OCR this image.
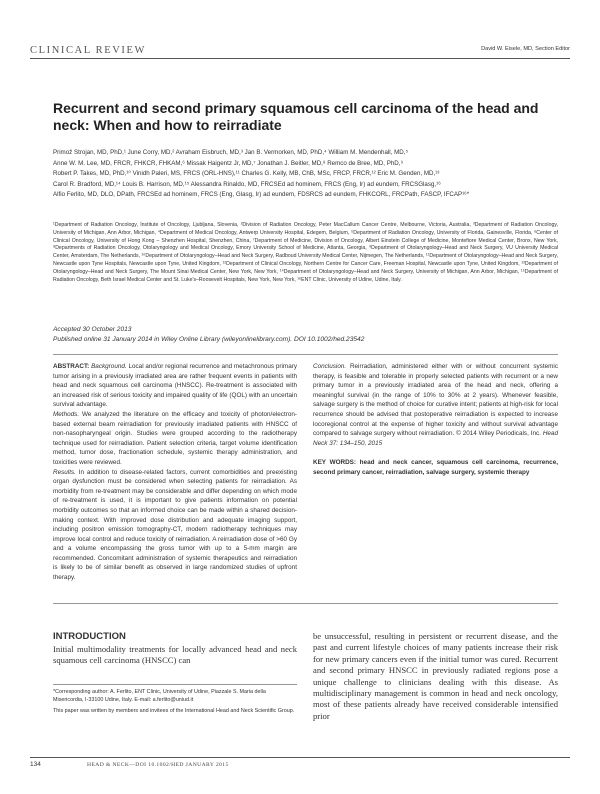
CLINICAL REVIEW	David W. Eisele, MD, Section Editor
Recurrent and second primary squamous cell carcinoma of the head and neck: When and how to reirradiate
Primož Strojan, MD, PhD,¹ June Corry, MD,² Avraham Eisbruch, MD,³ Jan B. Vermorken, MD, PhD,⁴ William M. Mendenhall, MD,⁵
Anne W. M. Lee, MD, FRCR, FHKCR, FHKAM,⁶ Missak Haigentz Jr, MD,⁷ Jonathan J. Beitler, MD,⁸ Remco de Bree, MD, PhD,⁹
Robert P. Takes, MD, PhD,¹⁰ Vinidh Paleri, MS, FRCS (ORL-HNS),¹¹ Charles G. Kelly, MB, ChB, MSc, FRCP, FRCR,¹² Eric M. Genden, MD,¹³
Carol R. Bradford, MD,¹⁴ Louis B. Harrison, MD,¹⁵ Alessandra Rinaldo, MD, FRCSEd ad hominem, FRCS (Eng, Ir) ad eundem, FRCSGlasg,¹⁶
Alfio Ferlito, MD, DLO, DPath, FRCSEd ad hominem, FRCS (Eng, Glasg, Ir) ad eundem, FDSRCS ad eundem, FHKCORL, FRCPath, FASCP, IFCAP¹⁶*
¹Department of Radiation Oncology, Institute of Oncology, Ljubljana, Slovenia, ²Division of Radiation Oncology, Peter MacCallum Cancer Centre, Melbourne, Victoria, Australia, ³Department of Radiation Oncology, University of Michigan, Ann Arbor, Michigan, ⁴Department of Medical Oncology, Antwerp University Hospital, Edegem, Belgium, ⁵Department of Radiation Oncology, University of Florida, Gainesville, Florida, ⁶Center of Clinical Oncology, University of Hong Kong – Shenzhen Hospital, Shenzhen, China, ⁷Department of Medicine, Division of Oncology, Albert Einstein College of Medicine, Montefiore Medical Center, Bronx, New York, ⁸Departments of Radiation Oncology, Otolaryngology and Medical Oncology, Emory University School of Medicine, Atlanta, Georgia, ⁹Department of Otolaryngology–Head and Neck Surgery, VU University Medical Center, Amsterdam, The Netherlands, ¹⁰Department of Otolaryngology–Head and Neck Surgery, Radboud University Medical Center, Nijmegen, The Netherlands, ¹¹Department of Otolaryngology–Head and Neck Surgery, Newcastle upon Tyne Hospitals, Newcastle upon Tyne, United Kingdom, ¹²Department of Clinical Oncology, Northern Centre for Cancer Care, Freeman Hospital, Newcastle upon Tyne, United Kingdom, ¹³Department of Otolaryngology–Head and Neck Surgery, The Mount Sinai Medical Center, New York, New York, ¹⁴Department of Otolaryngology–Head and Neck Surgery, University of Michigan, Ann Arbor, Michigan, ¹⁵Department of Radiation Oncology, Beth Israel Medical Center and St. Luke's–Roosevelt Hospitals, New York, New York, ¹⁶ENT Clinic, University of Udine, Udine, Italy.
Accepted 30 October 2013
Published online 31 January 2014 in Wiley Online Library (wileyonlinelibrary.com). DOI 10.1002/hed.23542

ABSTRACT: Background. Local and/or regional recurrence and metachronous primary tumor arising in a previously irradiated area are rather frequent events in patients with head and neck squamous cell carcinoma (HNSCC). Re-treatment is associated with an increased risk of serious toxicity and impaired quality of life (QOL) with an uncertain survival advantage.

Methods. We analyzed the literature on the efficacy and toxicity of photon/electron-based external beam reirradiation for previously irradiated patients with HNSCC of non-nasopharyngeal origin. Studies were grouped according to the radiotherapy technique used for reirradiation. Patient selection criteria, target volume identification method, tumor dose, fractionation schedule, systemic therapy administration, and toxicities were reviewed.

Results. In addition to disease-related factors, current comorbidities and preexisting organ dysfunction must be considered when selecting patients for reirradiation. As morbidity from re-treatment may be considerable and differ depending on which mode of re-treatment is used, it is important to give patients information on potential morbidity outcomes so that an informed choice can be made within a shared decision-making context. With improved dose distribution and adequate imaging support, including positron emission tomography-CT, modern radiotherapy techniques may improve local control and reduce toxicity of reirradiation. A reirradiation dose of >60 Gy and a volume encompassing the gross tumor with up to a 5-mm margin are recommended. Concomitant administration of systemic therapeutics and reirradiation is likely to be of similar benefit as observed in large randomized studies of upfront therapy.

Conclusion. Reirradiation, administered either with or without concurrent systemic therapy, is feasible and tolerable in properly selected patients with recurrent or a new primary tumor in a previously irradiated area of the head and neck, offering a meaningful survival (in the range of 10% to 30% at 2 years). Whenever feasible, salvage surgery is the method of choice for curative intent; patients at high-risk for local recurrence should be advised that postoperative reirradiation is expected to increase locoregional control at the expense of higher toxicity and without survival advantage compared to salvage surgery without reirradiation. © 2014 Wiley Periodicals, Inc. Head Neck 37: 134–150, 2015

KEY WORDS: head and neck cancer, squamous cell carcinoma, recurrence, second primary cancer, reirradiation, salvage surgery, systemic therapy

INTRODUCTION
Initial multimodality treatments for locally advanced head and neck squamous cell carcinoma (HNSCC) can
be unsuccessful, resulting in persistent or recurrent disease, and the past and current lifestyle choices of many patients increase their risk for new primary cancers even if the initial tumor was cured. Recurrent and second primary HNSCC in previously radiated regions pose a unique challenge to clinicians dealing with this disease. As multidisciplinary management is common in head and neck oncology, most of these patients already have received considerable intensified prior

*Corresponding author: A. Ferlito, ENT Clinic, University of Udine, Piazzale S. Maria della Misericordia, I-33100 Udine, Italy. E-mail: a.ferlito@uniud.it

This paper was written by members and invitees of the International Head and Neck Scientific Group.

134	HEAD & NECK—DOI 10.1002/HED JANUARY 2015
